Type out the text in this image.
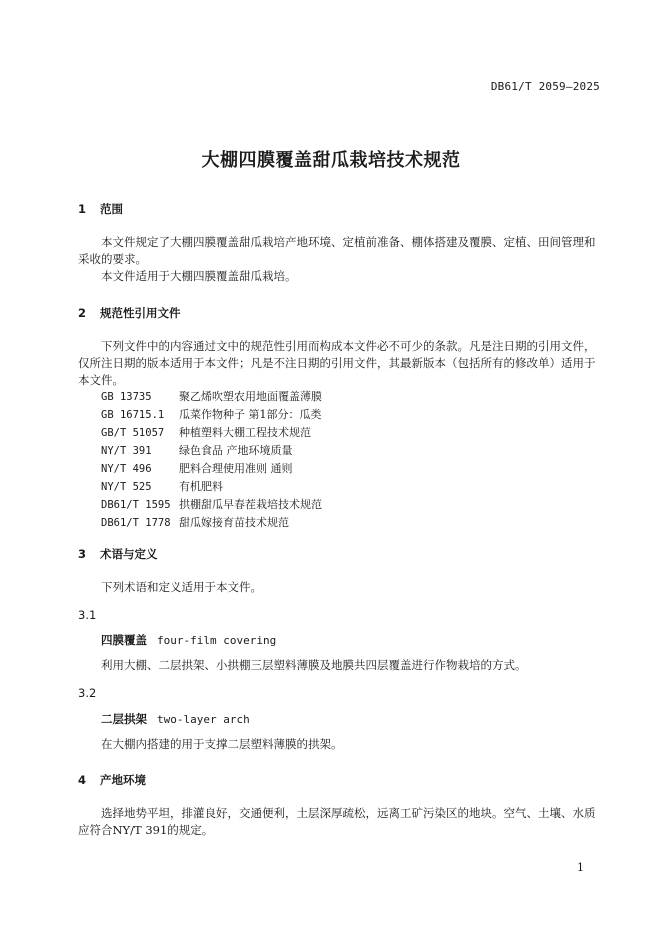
DB61/T 2059—2025
大棚四膜覆盖甜瓜栽培技术规范
1 范围
本文件规定了大棚四膜覆盖甜瓜栽培产地环境、定植前准备、棚体搭建及覆膜、定植、田间管理和采收的要求。
本文件适用于大棚四膜覆盖甜瓜栽培。
2 规范性引用文件
下列文件中的内容通过文中的规范性引用而构成本文件必不可少的条款。凡是注日期的引用文件，仅所注日期的版本适用于本文件；凡是不注日期的引用文件，其最新版本（包括所有的修改单）适用于本文件。
GB 13735 聚乙烯吹塑农用地面覆盖薄膜
GB 16715.1 瓜菜作物种子 第1部分：瓜类
GB/T 51057 种植塑料大棚工程技术规范
NY/T 391 绿色食品 产地环境质量
NY/T 496 肥料合理使用准则 通则
NY/T 525 有机肥料
DB61/T 1595 拱棚甜瓜早春茬栽培技术规范
DB61/T 1778 甜瓜嫁接育苗技术规范
3 术语与定义
下列术语和定义适用于本文件。
3.1
四膜覆盖 four-film covering
利用大棚、二层拱架、小拱棚三层塑料薄膜及地膜共四层覆盖进行作物栽培的方式。
3.2
二层拱架 two-layer arch
在大棚内搭建的用于支撑二层塑料薄膜的拱架。
4 产地环境
选择地势平坦，排灌良好，交通便利，土层深厚疏松，远离工矿污染区的地块。空气、土壤、水质应符合NY/T 391的规定。
1
